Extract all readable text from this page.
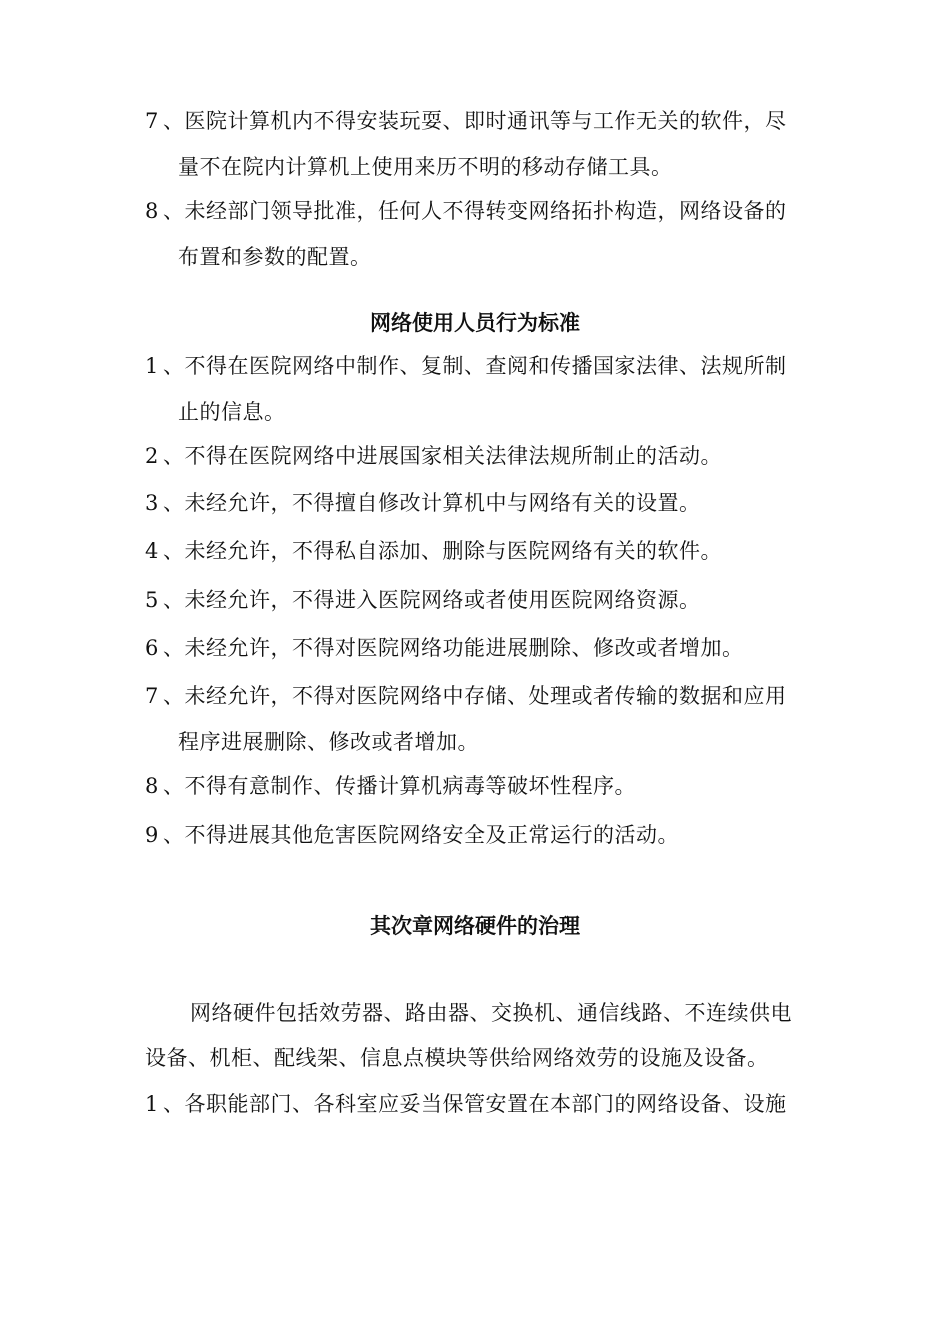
7 、医院计算机内不得安装玩耍、即时通讯等与工作无关的软件，尽
量不在院内计算机上使用来历不明的移动存储工具。
8 、未经部门领导批准，任何人不得转变网络拓扑构造，网络设备的
布置和参数的配置。
网络使用人员行为标准
1 、不得在医院网络中制作、复制、查阅和传播国家法律、法规所制
止的信息。
2 、不得在医院网络中进展国家相关法律法规所制止的活动。
3 、未经允许，不得擅自修改计算机中与网络有关的设置。
4 、未经允许，不得私自添加、删除与医院网络有关的软件。
5 、未经允许，不得进入医院网络或者使用医院网络资源。
6 、未经允许，不得对医院网络功能进展删除、修改或者增加。
7 、未经允许，不得对医院网络中存储、处理或者传输的数据和应用
程序进展删除、修改或者增加。
8 、不得有意制作、传播计算机病毒等破坏性程序。
9 、不得进展其他危害医院网络安全及正常运行的活动。
其次章网络硬件的治理
网络硬件包括效劳器、路由器、交换机、通信线路、不连续供电
设备、机柜、配线架、信息点模块等供给网络效劳的设施及设备。
1 、各职能部门、各科室应妥当保管安置在本部门的网络设备、设施
